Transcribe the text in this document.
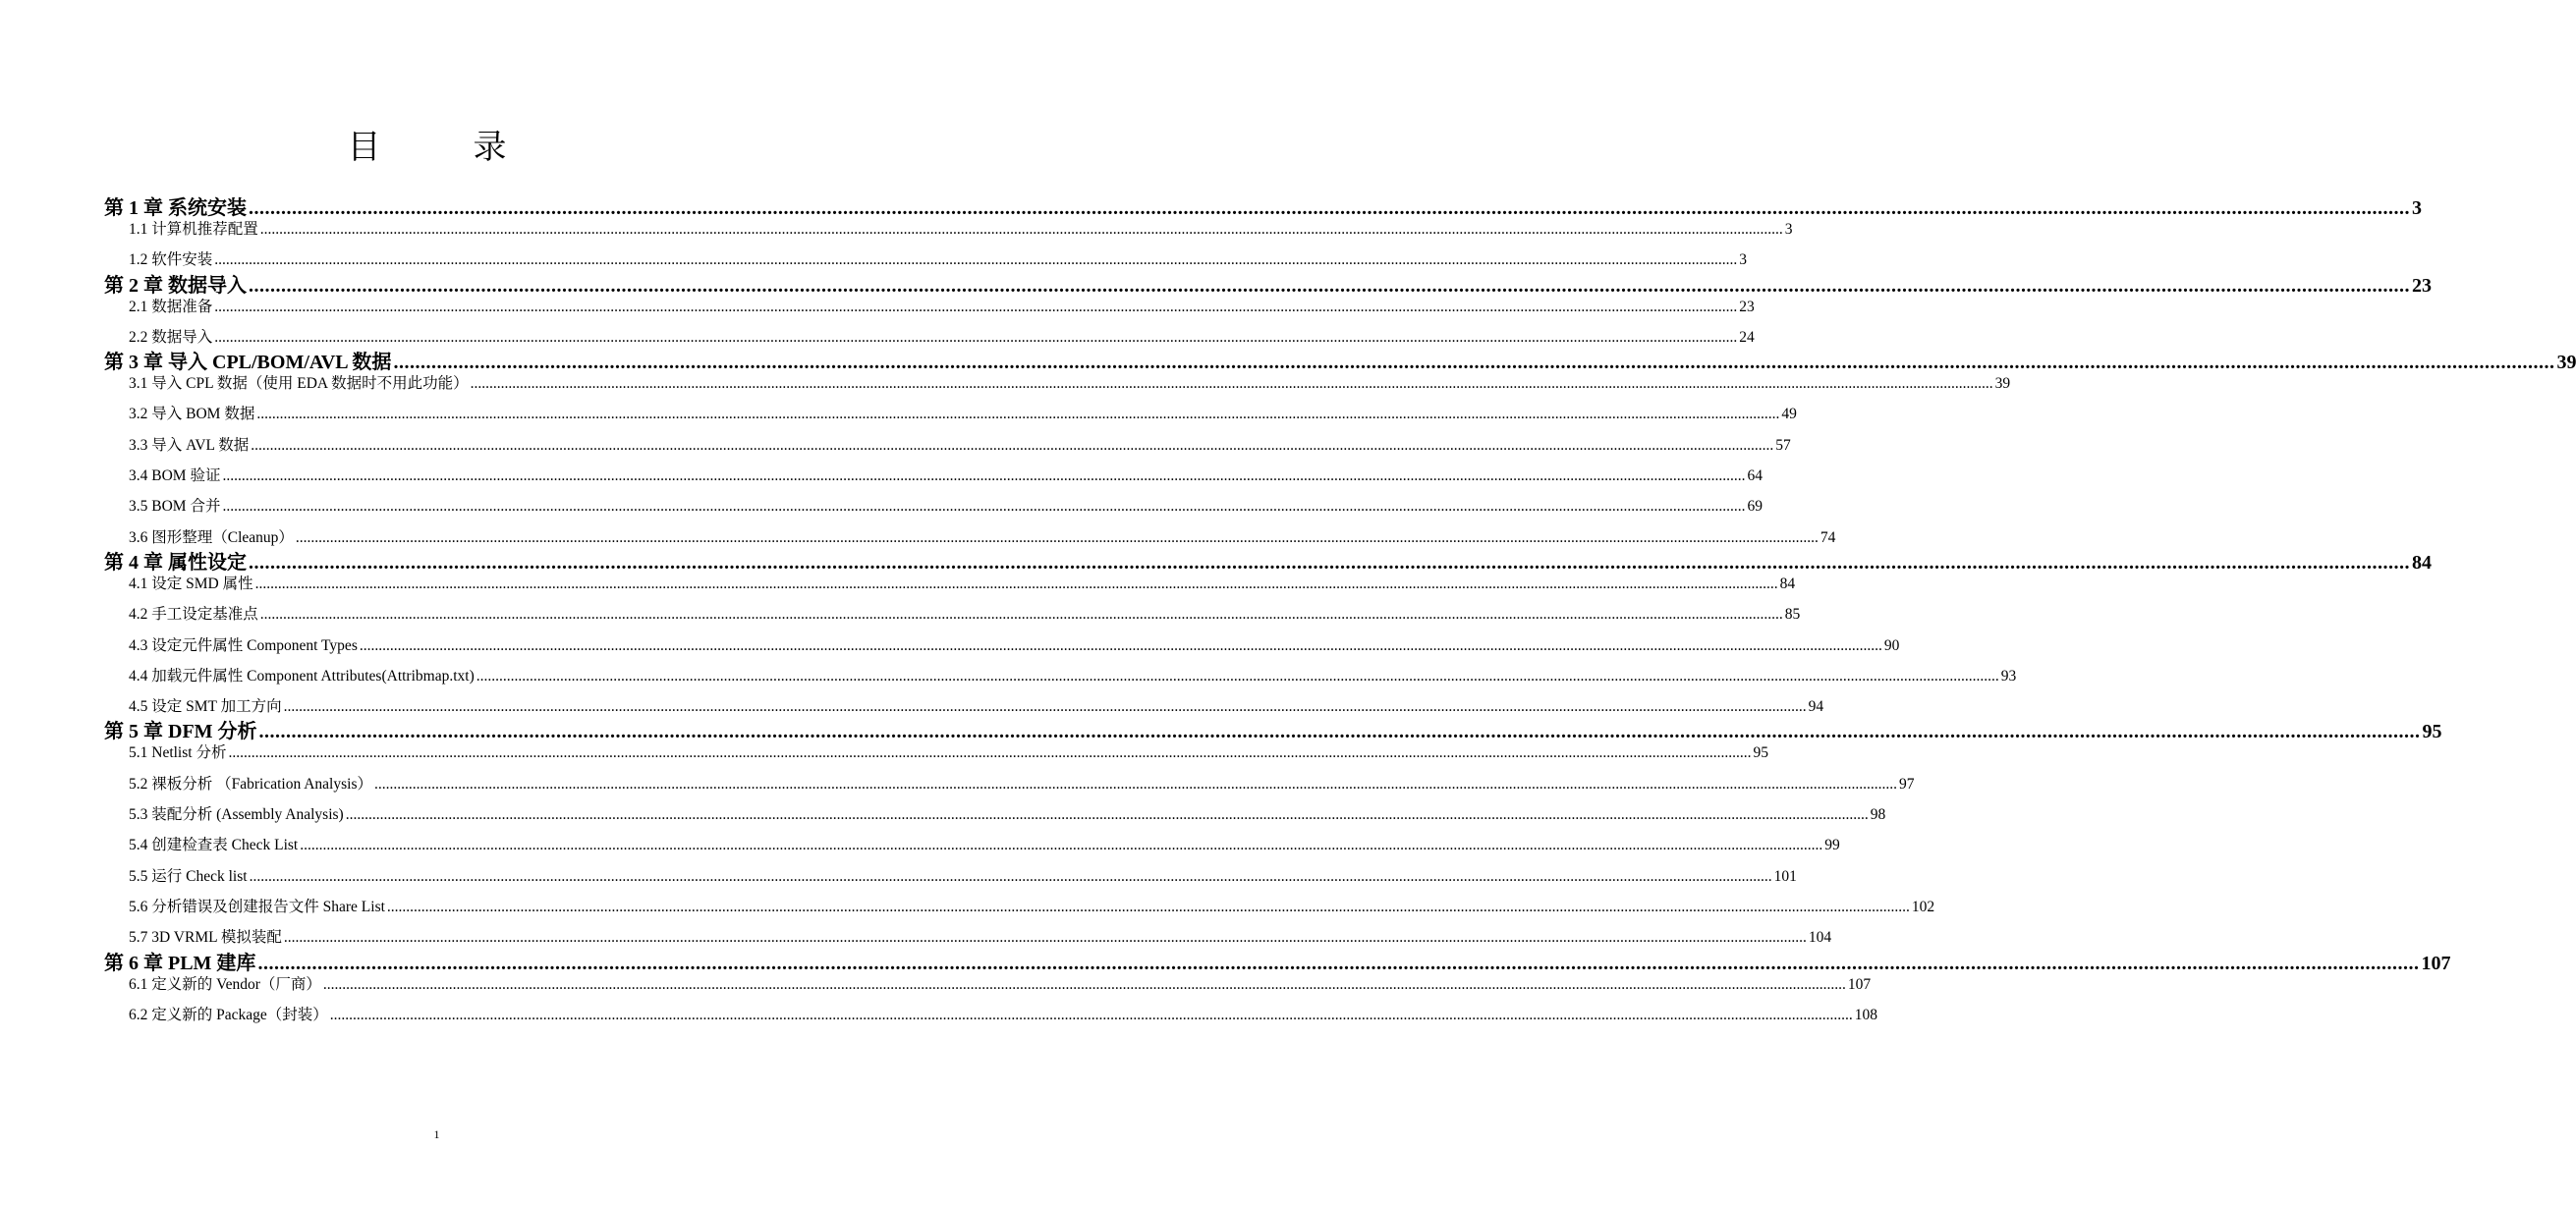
目　录
第 1 章 系统安装 ................................................................................................................................................................................................................................................................................................................................................................................................................ 3
1.1 计算机推荐配置 ................................................................................................................................................................................................................................................................................................................................................................................................................ 3
1.2 软件安装 ................................................................................................................................................................................................................................................................................................................................................................................................................ 3
第 2 章 数据导入 ................................................................................................................................................................................................................................................................................................................................................................................................................ 23
2.1 数据准备 ................................................................................................................................................................................................................................................................................................................................................................................................................ 23
2.2 数据导入 ................................................................................................................................................................................................................................................................................................................................................................................................................ 24
第 3 章 导入 CPL/BOM/AVL 数据 ................................................................................................................................................................................................................................................................................................................................................................................................................ 39
3.1 导入 CPL 数据（使用 EDA 数据时不用此功能） ................................................................................................................................................................................................................................................................................................................................................................................................................ 39
3.2 导入 BOM 数据 ................................................................................................................................................................................................................................................................................................................................................................................................................ 49
3.3 导入 AVL 数据 ................................................................................................................................................................................................................................................................................................................................................................................................................ 57
3.4 BOM 验证 ................................................................................................................................................................................................................................................................................................................................................................................................................ 64
3.5 BOM 合并 ................................................................................................................................................................................................................................................................................................................................................................................................................ 69
3.6 图形整理（Cleanup） ................................................................................................................................................................................................................................................................................................................................................................................................................ 74
第 4 章 属性设定 ................................................................................................................................................................................................................................................................................................................................................................................................................ 84
4.1 设定 SMD 属性 ................................................................................................................................................................................................................................................................................................................................................................................................................ 84
4.2 手工设定基准点 ................................................................................................................................................................................................................................................................................................................................................................................................................ 85
4.3 设定元件属性 Component Types ................................................................................................................................................................................................................................................................................................................................................................................................................ 90
4.4 加载元件属性 Component Attributes(Attribmap.txt) ................................................................................................................................................................................................................................................................................................................................................................................................................ 93
4.5 设定 SMT 加工方向 ................................................................................................................................................................................................................................................................................................................................................................................................................ 94
第 5 章 DFM 分析 ................................................................................................................................................................................................................................................................................................................................................................................................................ 95
5.1 Netlist 分析 ................................................................................................................................................................................................................................................................................................................................................................................................................ 95
5.2 裸板分析 （Fabrication Analysis） ................................................................................................................................................................................................................................................................................................................................................................................................................ 97
5.3 装配分析 (Assembly Analysis) ................................................................................................................................................................................................................................................................................................................................................................................................................ 98
5.4 创建检查表 Check List ................................................................................................................................................................................................................................................................................................................................................................................................................ 99
5.5 运行 Check list ................................................................................................................................................................................................................................................................................................................................................................................................................ 101
5.6 分析错误及创建报告文件 Share List ................................................................................................................................................................................................................................................................................................................................................................................................................ 102
5.7 3D VRML 模拟装配 ................................................................................................................................................................................................................................................................................................................................................................................................................ 104
第 6 章 PLM 建库 ................................................................................................................................................................................................................................................................................................................................................................................................................ 107
6.1 定义新的 Vendor（厂商） ................................................................................................................................................................................................................................................................................................................................................................................................................ 107
6.2 定义新的 Package（封装） ................................................................................................................................................................................................................................................................................................................................................................................................................ 108
1
